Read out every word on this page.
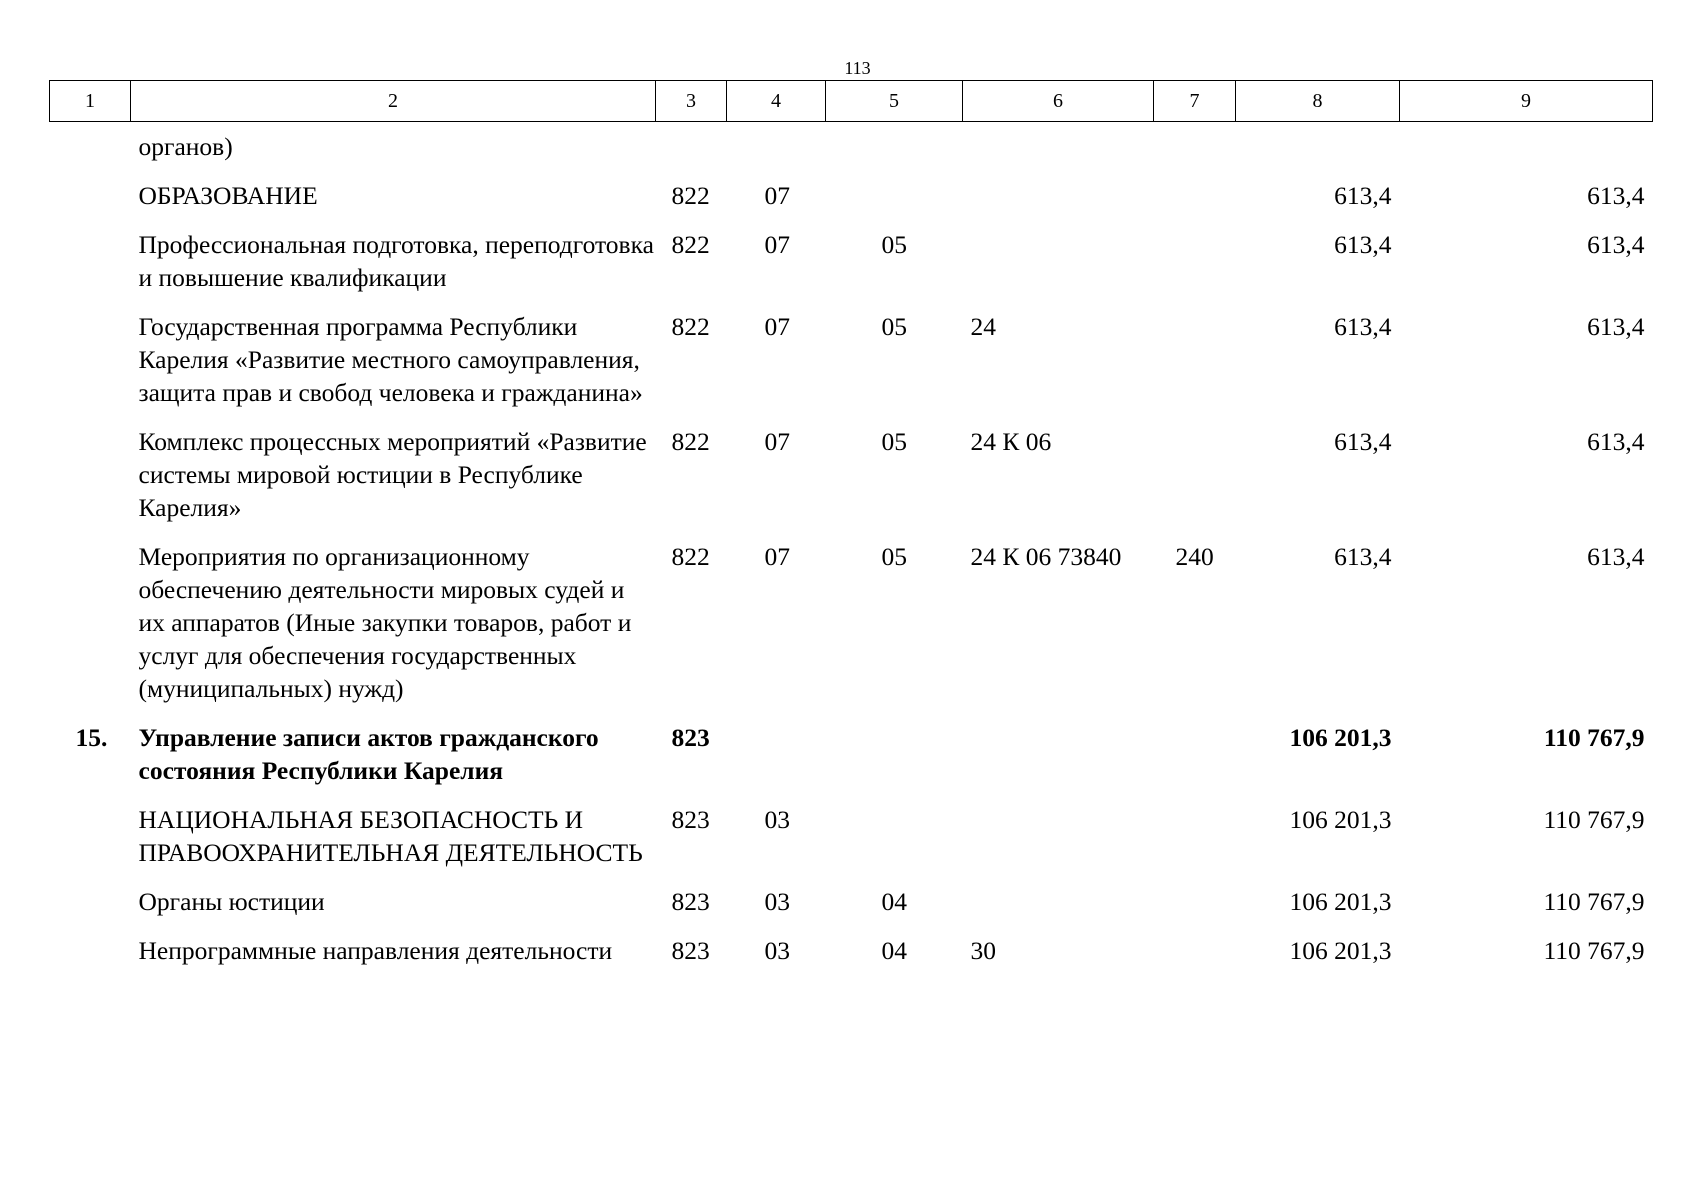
113
1	2	3	4	5	6	7	8	9
	органов)							
	ОБРАЗОВАНИЕ	822	07				613,4	613,4
	Профессиональная подготовка, переподготовка и повышение квалификации	822	07	05			613,4	613,4
	Государственная программа Республики Карелия «Развитие местного самоуправления, защита прав и свобод человека и гражданина»	822	07	05	24		613,4	613,4
	Комплекс процессных мероприятий «Развитие системы мировой юстиции в Республике Карелия»	822	07	05	24 К 06		613,4	613,4
	Мероприятия по организационному обеспечению деятельности мировых судей и их аппаратов (Иные закупки товаров, работ и услуг для обеспечения государственных (муниципальных) нужд)	822	07	05	24 К 06 73840	240	613,4	613,4
15.	Управление записи актов гражданского состояния Республики Карелия	823					106 201,3	110 767,9
	НАЦИОНАЛЬНАЯ БЕЗОПАСНОСТЬ И ПРАВООХРАНИТЕЛЬНАЯ ДЕЯТЕЛЬНОСТЬ	823	03				106 201,3	110 767,9
	Органы юстиции	823	03	04			106 201,3	110 767,9
	Непрограммные направления деятельности	823	03	04	30		106 201,3	110 767,9
